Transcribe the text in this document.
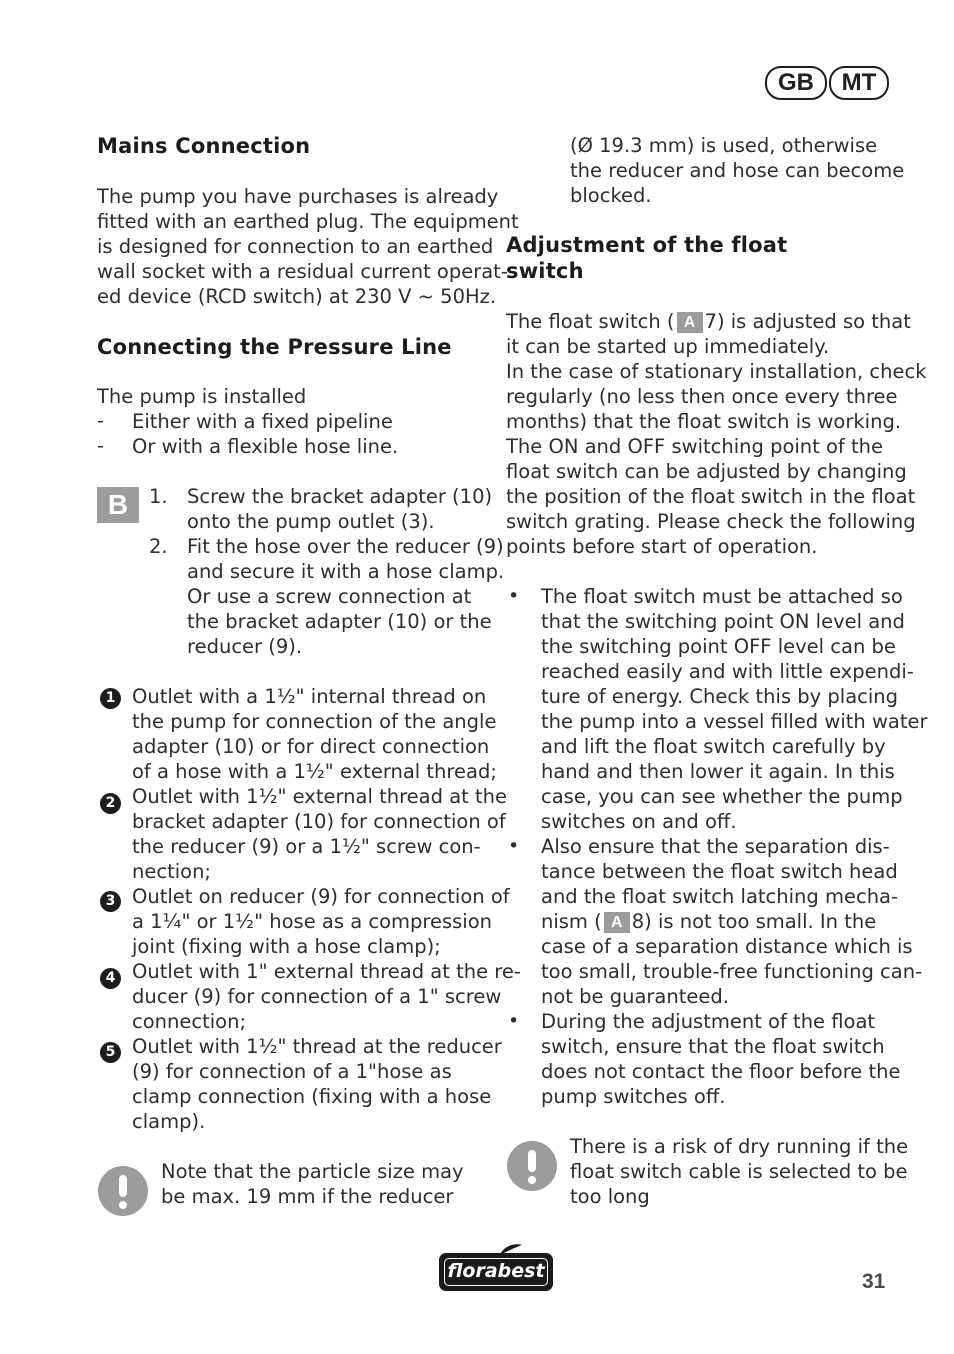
GB	MT
Mains Connection
The pump you have purchases is already
fitted with an earthed plug. The equipment
is designed for connection to an earthed
wall socket with a residual current operat-
ed device (RCD switch) at 230 V ~ 50Hz.
Connecting the Pressure Line
The pump is installed
- Either with a fixed pipeline
- Or with a flexible hose line.
B	1. Screw the bracket adapter (10)
onto the pump outlet (3).
2. Fit the hose over the reducer (9)
and secure it with a hose clamp.
Or use a screw connection at
the bracket adapter (10) or the
reducer (9).
1 Outlet with a 1½" internal thread on
the pump for connection of the angle
adapter (10) or for direct connection
of a hose with a 1½" external thread;
2 Outlet with 1½" external thread at the
bracket adapter (10) for connection of
the reducer (9) or a 1½" screw con-
nection;
3 Outlet on reducer (9) for connection of
a 1¼" or 1½" hose as a compression
joint (fixing with a hose clamp);
4 Outlet with 1" external thread at the re-
ducer (9) for connection of a 1" screw
connection;
5 Outlet with 1½" thread at the reducer
(9) for connection of a 1"hose as
clamp connection (fixing with a hose
clamp).
Note that the particle size may
be max. 19 mm if the reducer
(Ø 19.3 mm) is used, otherwise
the reducer and hose can become
blocked.
Adjustment of the float
switch
The float switch ( A 7) is adjusted so that
it can be started up immediately.
In the case of stationary installation, check
regularly (no less then once every three
months) that the float switch is working.
The ON and OFF switching point of the
float switch can be adjusted by changing
the position of the float switch in the float
switch grating. Please check the following
points before start of operation.
• The float switch must be attached so
that the switching point ON level and
the switching point OFF level can be
reached easily and with little expendi-
ture of energy. Check this by placing
the pump into a vessel filled with water
and lift the float switch carefully by
hand and then lower it again. In this
case, you can see whether the pump
switches on and off.
• Also ensure that the separation dis-
tance between the float switch head
and the float switch latching mecha-
nism ( A 8) is not too small. In the
case of a separation distance which is
too small, trouble-free functioning can-
not be guaranteed.
• During the adjustment of the float
switch, ensure that the float switch
does not contact the floor before the
pump switches off.
There is a risk of dry running if the
float switch cable is selected to be
too long
florabest	31
